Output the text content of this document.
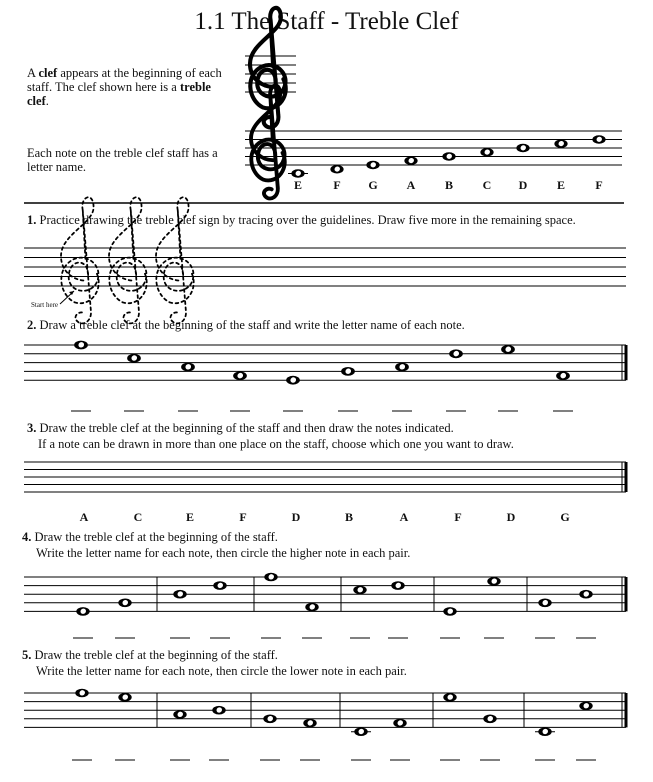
1.1 The Staff - Treble Clef
A clef appears at the beginning of each staff. The clef shown here is a treble clef.
Each note on the treble clef staff has a letter name.
E	F	G	A	B	C	D	E	F
1. Practice drawing the treble clef sign by tracing over the guidelines. Draw five more in the remaining space.
Start here
2. Draw a treble clef at the beginning of the staff and write the letter name of each note.
3. Draw the treble clef at the beginning of the staff and then draw the notes indicated.
If a note can be drawn in more than one place on the staff, choose which one you want to draw.
A	C	E	F	D	B	A	F	D	G
4. Draw the treble clef at the beginning of the staff.
Write the letter name for each note, then circle the higher note in each pair.
5. Draw the treble clef at the beginning of the staff.
Write the letter name for each note, then circle the lower note in each pair.
